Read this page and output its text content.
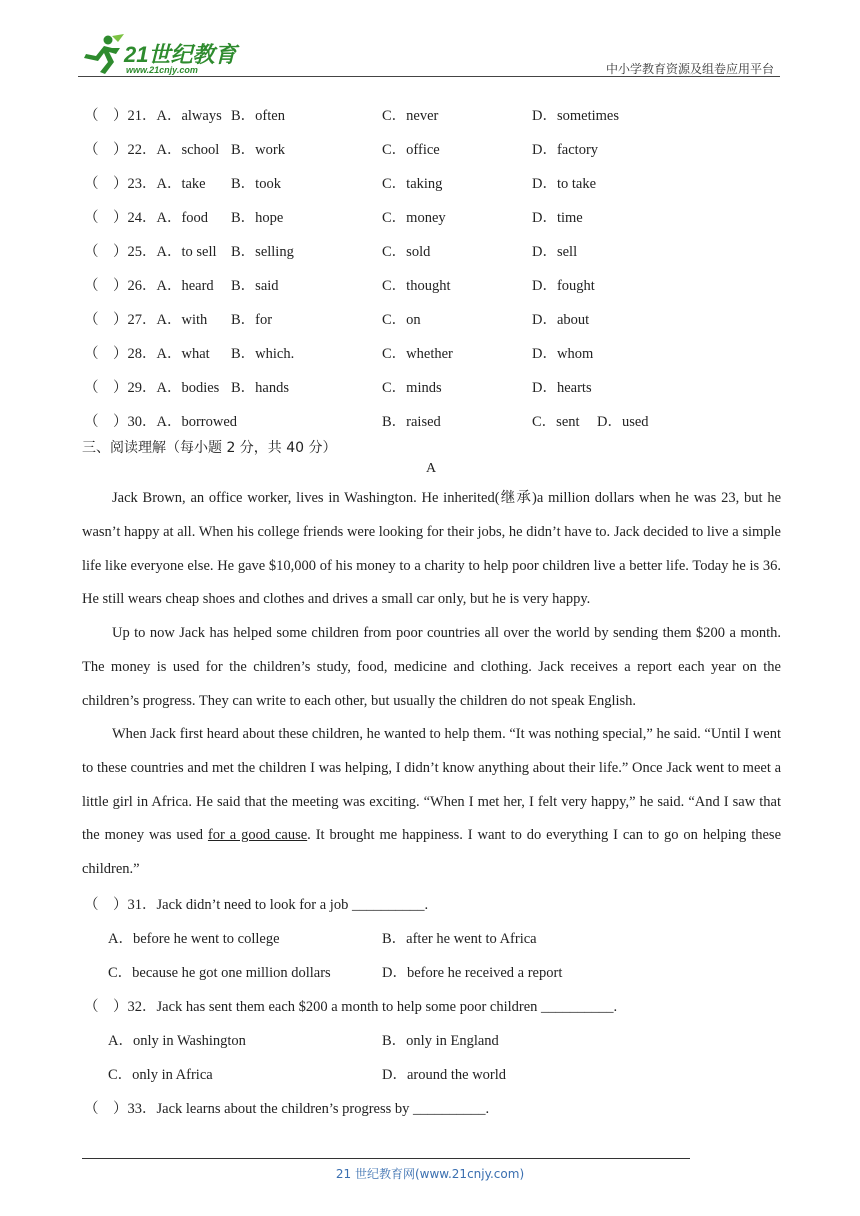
21世纪教育
www.21cnjy.com	中小学教育资源及组卷应用平台
（ ）21．A．always B．often	C．never	D．sometimes
（ ）22．A．school B．work	C．office	D．factory
（ ）23．A．take B．took	C．taking	D．to take
（ ）24．A．food B．hope	C．money	D．time
（ ）25．A．to sell B．selling	C．sold	D．sell
（ ）26．A．heard B．said	C．thought	D．fought
（ ）27．A．with B．for	C．on	D．about
（ ）28．A．what B．which.	C．whether	D．whom
（ ）29．A．bodies B．hands	C．minds	D．hearts
（ ）30．A．borrowed	B．raised	C．sent D．used
三、阅读理解（每小题 2 分，共 40 分）
A

Jack Brown, an office worker, lives in Washington. He inherited(继承)a million dollars when he was 23, but he wasn’t happy at all. When his college friends were looking for their jobs, he didn’t have to. Jack decided to live a simple life like everyone else. He gave $10,000 of his money to a charity to help poor children live a better life. Today he is 36. He still wears cheap shoes and clothes and drives a small car only, but he is very happy.

Up to now Jack has helped some children from poor countries all over the world by sending them $200 a month. The money is used for the children’s study, food, medicine and clothing. Jack receives a report each year on the children’s progress. They can write to each other, but usually the children do not speak English.

When Jack first heard about these children, he wanted to help them. “It was nothing special,” he said. “Until I went to these countries and met the children I was helping, I didn’t know anything about their life.” Once Jack went to meet a little girl in Africa. He said that the meeting was exciting. “When I met her, I felt very happy,” he said. “And I saw that the money was used for a good cause. It brought me happiness. I want to do everything I can to go on helping these children.”

（ ）31．Jack didn’t need to look for a job __________.
A．before he went to college	B．after he went to Africa
C．because he got one million dollars	D．before he received a report
（ ）32．Jack has sent them each $200 a month to help some poor children __________.
A．only in Washington	B．only in England
C．only in Africa	D．around the world
（ ）33．Jack learns about the children’s progress by __________.
21 世纪教育网(www.21cnjy.com)
